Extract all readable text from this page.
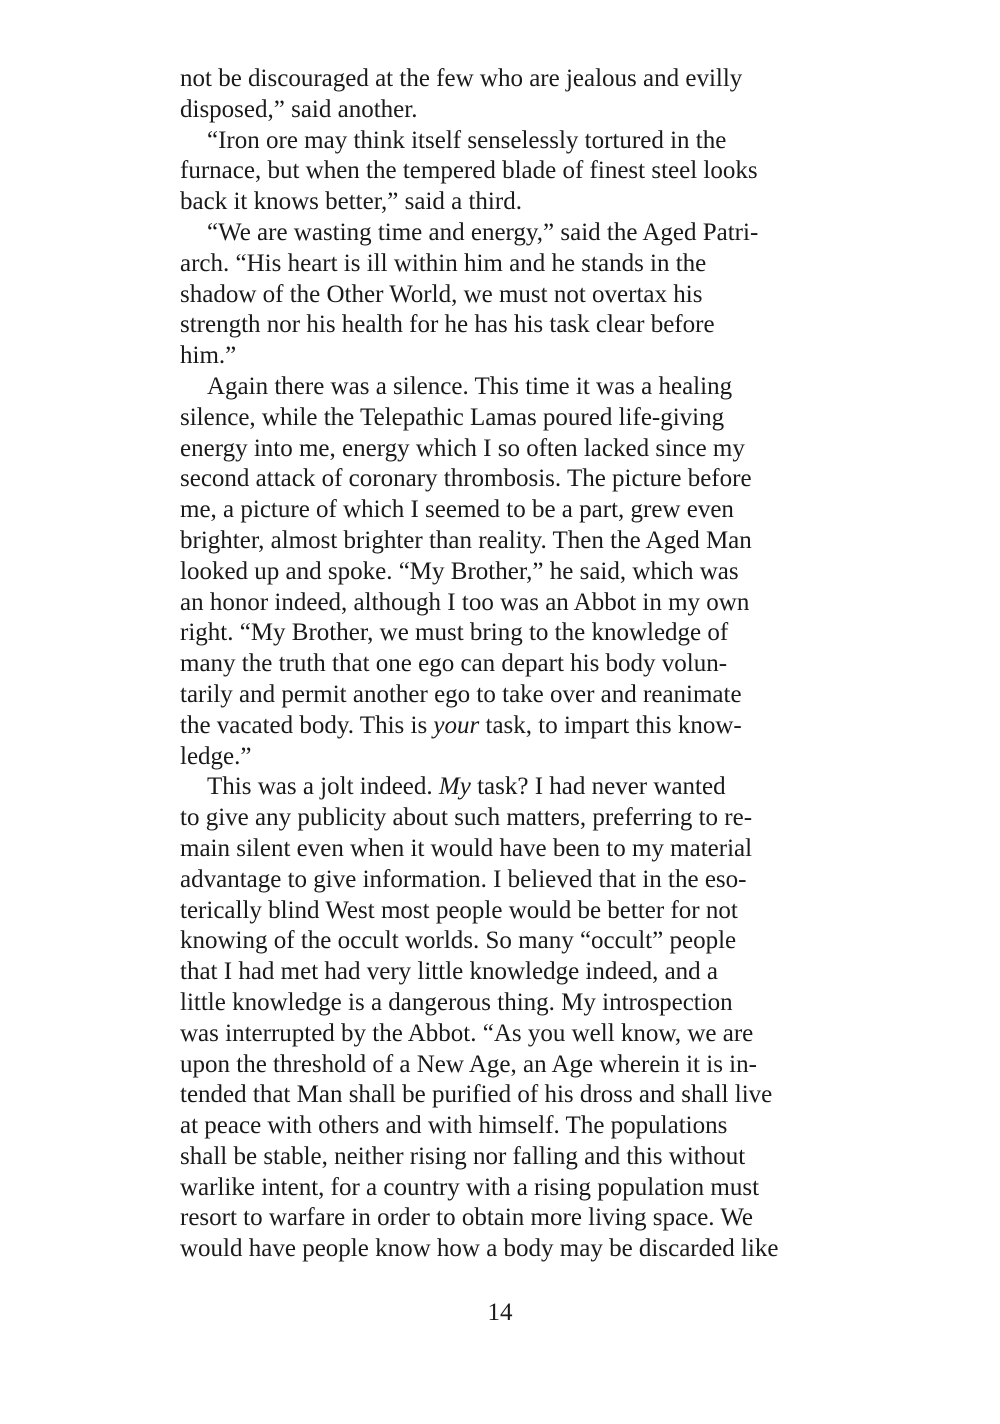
not be discouraged at the few who are jealous and evilly
disposed,” said another.
“Iron ore may think itself senselessly tortured in the
furnace, but when the tempered blade of finest steel looks
back it knows better,” said a third.
“We are wasting time and energy,” said the Aged Patri-
arch. “His heart is ill within him and he stands in the
shadow of the Other World, we must not overtax his
strength nor his health for he has his task clear before
him.”
Again there was a silence. This time it was a healing
silence, while the Telepathic Lamas poured life-giving
energy into me, energy which I so often lacked since my
second attack of coronary thrombosis. The picture before
me, a picture of which I seemed to be a part, grew even
brighter, almost brighter than reality. Then the Aged Man
looked up and spoke. “My Brother,” he said, which was
an honor indeed, although I too was an Abbot in my own
right. “My Brother, we must bring to the knowledge of
many the truth that one ego can depart his body volun-
tarily and permit another ego to take over and reanimate
the vacated body. This is your task, to impart this know-
ledge.”
This was a jolt indeed. My task? I had never wanted
to give any publicity about such matters, preferring to re-
main silent even when it would have been to my material
advantage to give information. I believed that in the eso-
terically blind West most people would be better for not
knowing of the occult worlds. So many “occult” people
that I had met had very little knowledge indeed, and a
little knowledge is a dangerous thing. My introspection
was interrupted by the Abbot. “As you well know, we are
upon the threshold of a New Age, an Age wherein it is in-
tended that Man shall be purified of his dross and shall live
at peace with others and with himself. The populations
shall be stable, neither rising nor falling and this without
warlike intent, for a country with a rising population must
resort to warfare in order to obtain more living space. We
would have people know how a body may be discarded like
14
